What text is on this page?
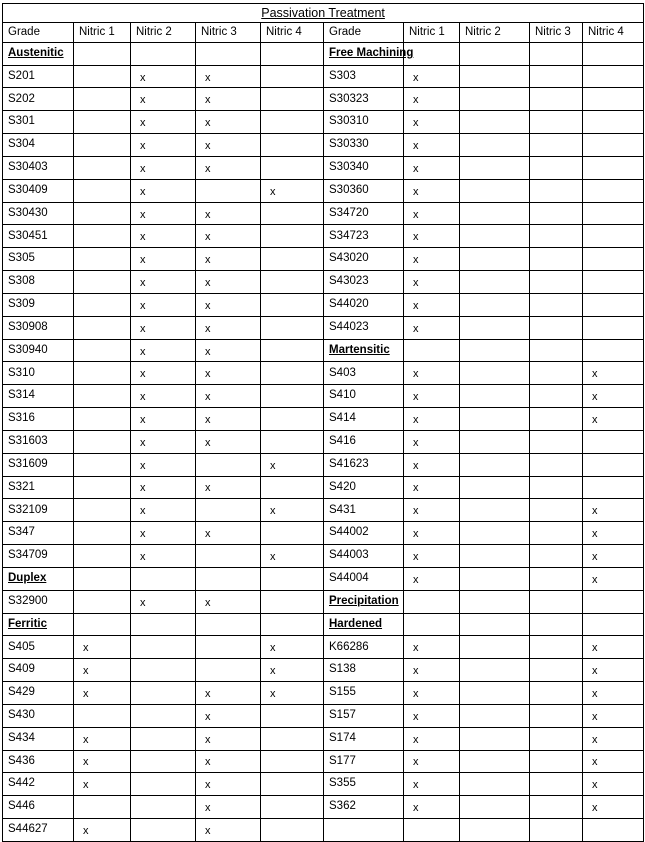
Passivation Treatment									
Grade	Nitric 1	Nitric 2	Nitric 3	Nitric 4	Grade	Nitric 1	Nitric 2	Nitric 3	Nitric 4
Austenitic					Free Machining				
S201		x	x		S303	x			
S202		x	x		S30323	x			
S301		x	x		S30310	x			
S304		x	x		S30330	x			
S30403		x	x		S30340	x			
S30409		x		x	S30360	x			
S30430		x	x		S34720	x			
S30451		x	x		S34723	x			
S305		x	x		S43020	x			
S308		x	x		S43023	x			
S309		x	x		S44020	x			
S30908		x	x		S44023	x			
S30940		x	x		Martensitic				
S310		x	x		S403	x			x
S314		x	x		S410	x			x
S316		x	x		S414	x			x
S31603		x	x		S416	x			
S31609		x		x	S41623	x			
S321		x	x		S420	x			
S32109		x		x	S431	x			x
S347		x	x		S44002	x			x
S34709		x		x	S44003	x			x
Duplex					S44004	x			x
S32900		x	x		Precipitation				
Ferritic					Hardened				
S405	x			x	K66286	x			x
S409	x			x	S138	x			x
S429	x		x	x	S155	x			x
S430			x		S157	x			x
S434	x		x		S174	x			x
S436	x		x		S177	x			x
S442	x		x		S355	x			x
S446			x		S362	x			x
S44627	x		x						
